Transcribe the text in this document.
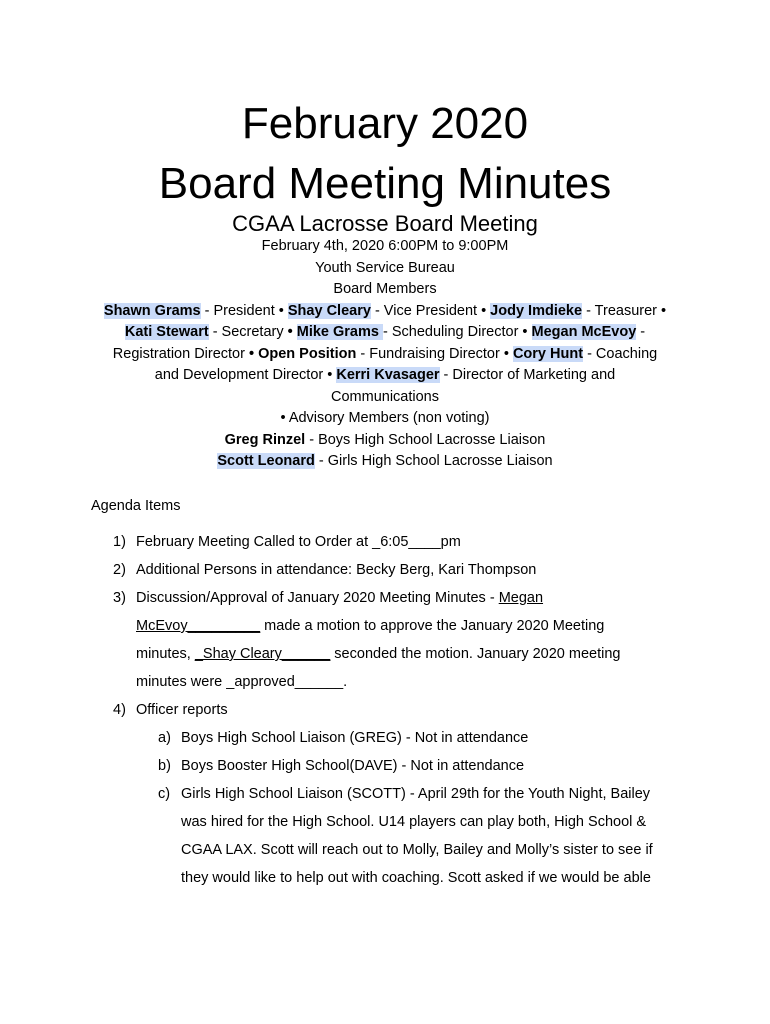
February 2020
Board Meeting Minutes
CGAA Lacrosse Board Meeting
February 4th, 2020 6:00PM to 9:00PM
Youth Service Bureau
Board Members
Shawn Grams - President • Shay Cleary - Vice President • Jody Imdieke - Treasurer •
Kati Stewart - Secretary • Mike Grams - Scheduling Director • Megan McEvoy -
Registration Director • Open Position - Fundraising Director • Cory Hunt - Coaching
and Development Director • Kerri Kvasager - Director of Marketing and
Communications
• Advisory Members (non voting)
Greg Rinzel - Boys High School Lacrosse Liaison
Scott Leonard - Girls High School Lacrosse Liaison
Agenda Items
1) February Meeting Called to Order at _6:05____pm
2) Additional Persons in attendance: Becky Berg, Kari Thompson
3) Discussion/Approval of January 2020 Meeting Minutes - Megan
McEvoy_________ made a motion to approve the January 2020 Meeting
minutes, _Shay Cleary______ seconded the motion. January 2020 meeting
minutes were _approved______.
4) Officer reports
a) Boys High School Liaison (GREG) - Not in attendance
b) Boys Booster High School(DAVE) - Not in attendance
c) Girls High School Liaison (SCOTT) - April 29th for the Youth Night, Bailey
was hired for the High School. U14 players can play both, High School &
CGAA LAX. Scott will reach out to Molly, Bailey and Molly’s sister to see if
they would like to help out with coaching. Scott asked if we would be able
